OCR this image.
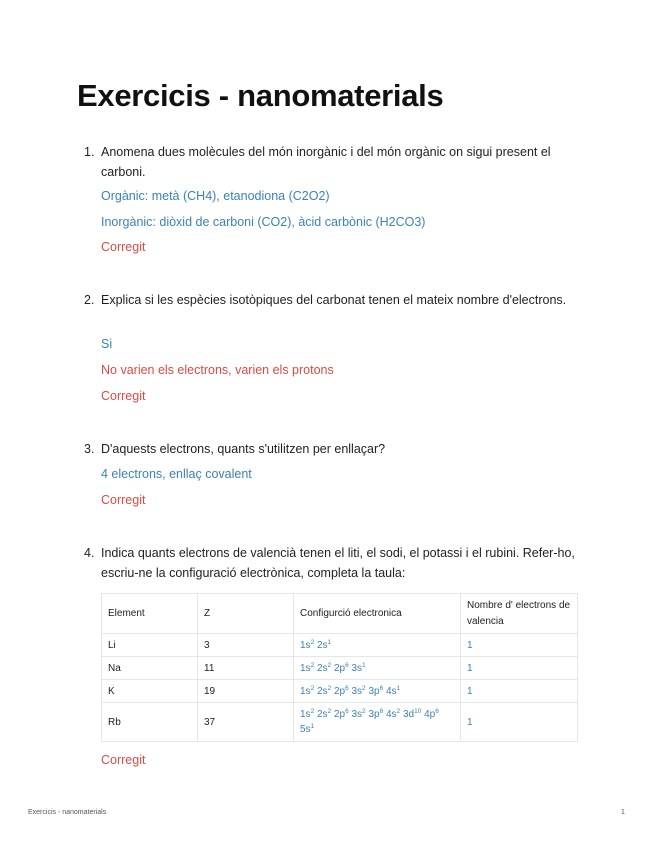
Exercicis - nanomaterials
1. Anomena dues molècules del món inorgànic i del món orgànic on sigui present el carboni.
Orgànic: metà (CH4), etanodiona (C2O2)
Inorgànic: diòxid de carboni (CO2), àcid carbònic (H2CO3)
Corregit
2. Explica si les espècies isotòpiques del carbonat tenen el mateix nombre d'electrons.
Si
No varien els electrons, varien els protons
Corregit
3. D'aquests electrons, quants s'utilitzen per enllaçar?
4 electrons, enllaç covalent
Corregit
4. Indica quants electrons de valencià tenen el liti, el sodi, el potassi i el rubini. Refer-ho, escriu-ne la configuració electrònica, completa la taula:
Element	Z	Configurció electronica	Nombre d' electrons de valencia
Li	3	$1s^2$ $2s^1$	1
Na	11	$1s^2$ $2s^2$ $2p^6$ $3s^1$	1
K	19	$1s^2$ $2s^2$ $2p^6$ $3s^2$ $3p^6$ $4s^1$	1
Rb	37	$1s^2$ $2s^2$ $2p^6$ $3s^2$ $3p^6$ $4s^2$ $3d^{10}$ $4p^6$ $5s^1$	1
Corregit
Exercicis - nanomaterials	1
